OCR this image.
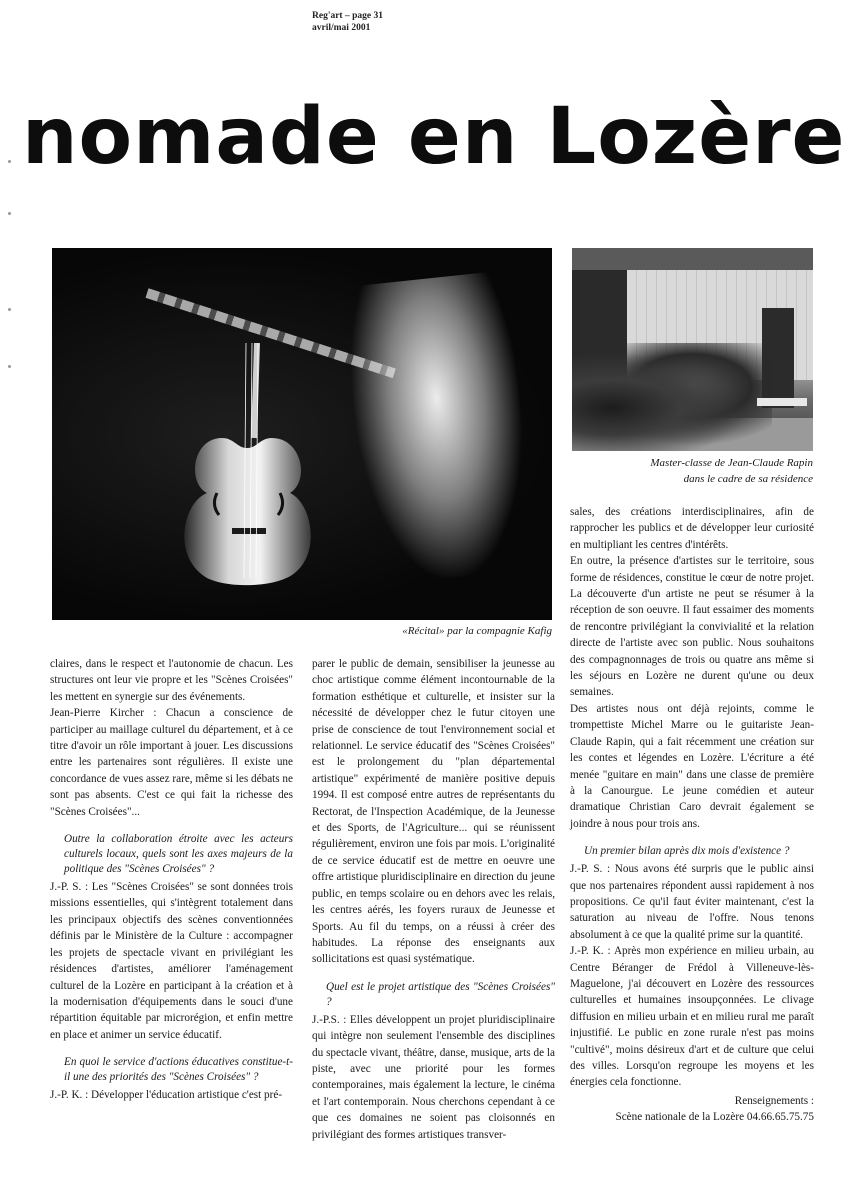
Reg'art – page 31
avril/mai 2001
nomade en Lozère
«Récital» par la compagnie Kafig
Master-classe de Jean-Claude Rapin
dans le cadre de sa résidence

claires, dans le respect et l'autonomie de chacun. Les structures ont leur vie propre et les "Scènes Croisées" les mettent en synergie sur des événements.

Jean-Pierre Kircher : Chacun a conscience de participer au maillage culturel du département, et à ce titre d'avoir un rôle important à jouer. Les discussions entre les partenaires sont régulières. Il existe une concordance de vues assez rare, même si les débats ne sont pas absents. C'est ce qui fait la richesse des "Scènes Croisées"...

Outre la collaboration étroite avec les acteurs culturels locaux, quels sont les axes majeurs de la politique des "Scènes Croisées" ?

J.-P. S. : Les "Scènes Croisées" se sont données trois missions essentielles, qui s'intègrent totalement dans les principaux objectifs des scènes conventionnées définis par le Ministère de la Culture : accompagner les projets de spectacle vivant en privilégiant les résidences d'artistes, améliorer l'aménagement culturel de la Lozère en participant à la création et à la modernisation d'équipements dans le souci d'une répartition équitable par microrégion, et enfin mettre en place et animer un service éducatif.

En quoi le service d'actions éducatives constitue-t-il une des priorités des "Scènes Croisées" ?

J.-P. K. : Développer l'éducation artistique c'est pré-

parer le public de demain, sensibiliser la jeunesse au choc artistique comme élément incontournable de la formation esthétique et culturelle, et insister sur la nécessité de développer chez le futur citoyen une prise de conscience de tout l'environnement social et relationnel. Le service éducatif des "Scènes Croisées" est le prolongement du "plan départemental artistique" expérimenté de manière positive depuis 1994. Il est composé entre autres de représentants du Rectorat, de l'Inspection Académique, de la Jeunesse et des Sports, de l'Agriculture... qui se réunissent régulièrement, environ une fois par mois. L'originalité de ce service éducatif est de mettre en oeuvre une offre artistique pluridisciplinaire en direction du jeune public, en temps scolaire ou en dehors avec les relais, les centres aérés, les foyers ruraux de Jeunesse et Sports. Au fil du temps, on a réussi à créer des habitudes. La réponse des enseignants aux sollicitations est quasi systématique.

Quel est le projet artistique des "Scènes Croisées" ?

J.-P.S. : Elles développent un projet pluridisciplinaire qui intègre non seulement l'ensemble des disciplines du spectacle vivant, théâtre, danse, musique, arts de la piste, avec une priorité pour les formes contemporaines, mais également la lecture, le cinéma et l'art contemporain. Nous cherchons cependant à ce que ces domaines ne soient pas cloisonnés en privilégiant des formes artistiques transver-

sales, des créations interdisciplinaires, afin de rapprocher les publics et de développer leur curiosité en multipliant les centres d'intérêts.

En outre, la présence d'artistes sur le territoire, sous forme de résidences, constitue le cœur de notre projet. La découverte d'un artiste ne peut se résumer à la réception de son oeuvre. Il faut essaimer des moments de rencontre privilégiant la convivialité et la relation directe de l'artiste avec son public. Nous souhaitons des compagnonnages de trois ou quatre ans même si les séjours en Lozère ne durent qu'une ou deux semaines.

Des artistes nous ont déjà rejoints, comme le trompettiste Michel Marre ou le guitariste Jean-Claude Rapin, qui a fait récemment une création sur les contes et légendes en Lozère. L'écriture a été menée "guitare en main" dans une classe de première à la Canourgue. Le jeune comédien et auteur dramatique Christian Caro devrait également se joindre à nous pour trois ans.

Un premier bilan après dix mois d'existence ?

J.-P. S. : Nous avons été surpris que le public ainsi que nos partenaires répondent aussi rapidement à nos propositions. Ce qu'il faut éviter maintenant, c'est la saturation au niveau de l'offre. Nous tenons absolument à ce que la qualité prime sur la quantité.

J.-P. K. : Après mon expérience en milieu urbain, au Centre Béranger de Frédol à Villeneuve-lès-Maguelone, j'ai découvert en Lozère des ressources culturelles et humaines insoupçonnées. Le clivage diffusion en milieu urbain et en milieu rural me paraît injustifié. Le public en zone rurale n'est pas moins "cultivé", moins désireux d'art et de culture que celui des villes. Lorsqu'on regroupe les moyens et les énergies cela fonctionne.

Renseignements :
Scène nationale de la Lozère 04.66.65.75.75
